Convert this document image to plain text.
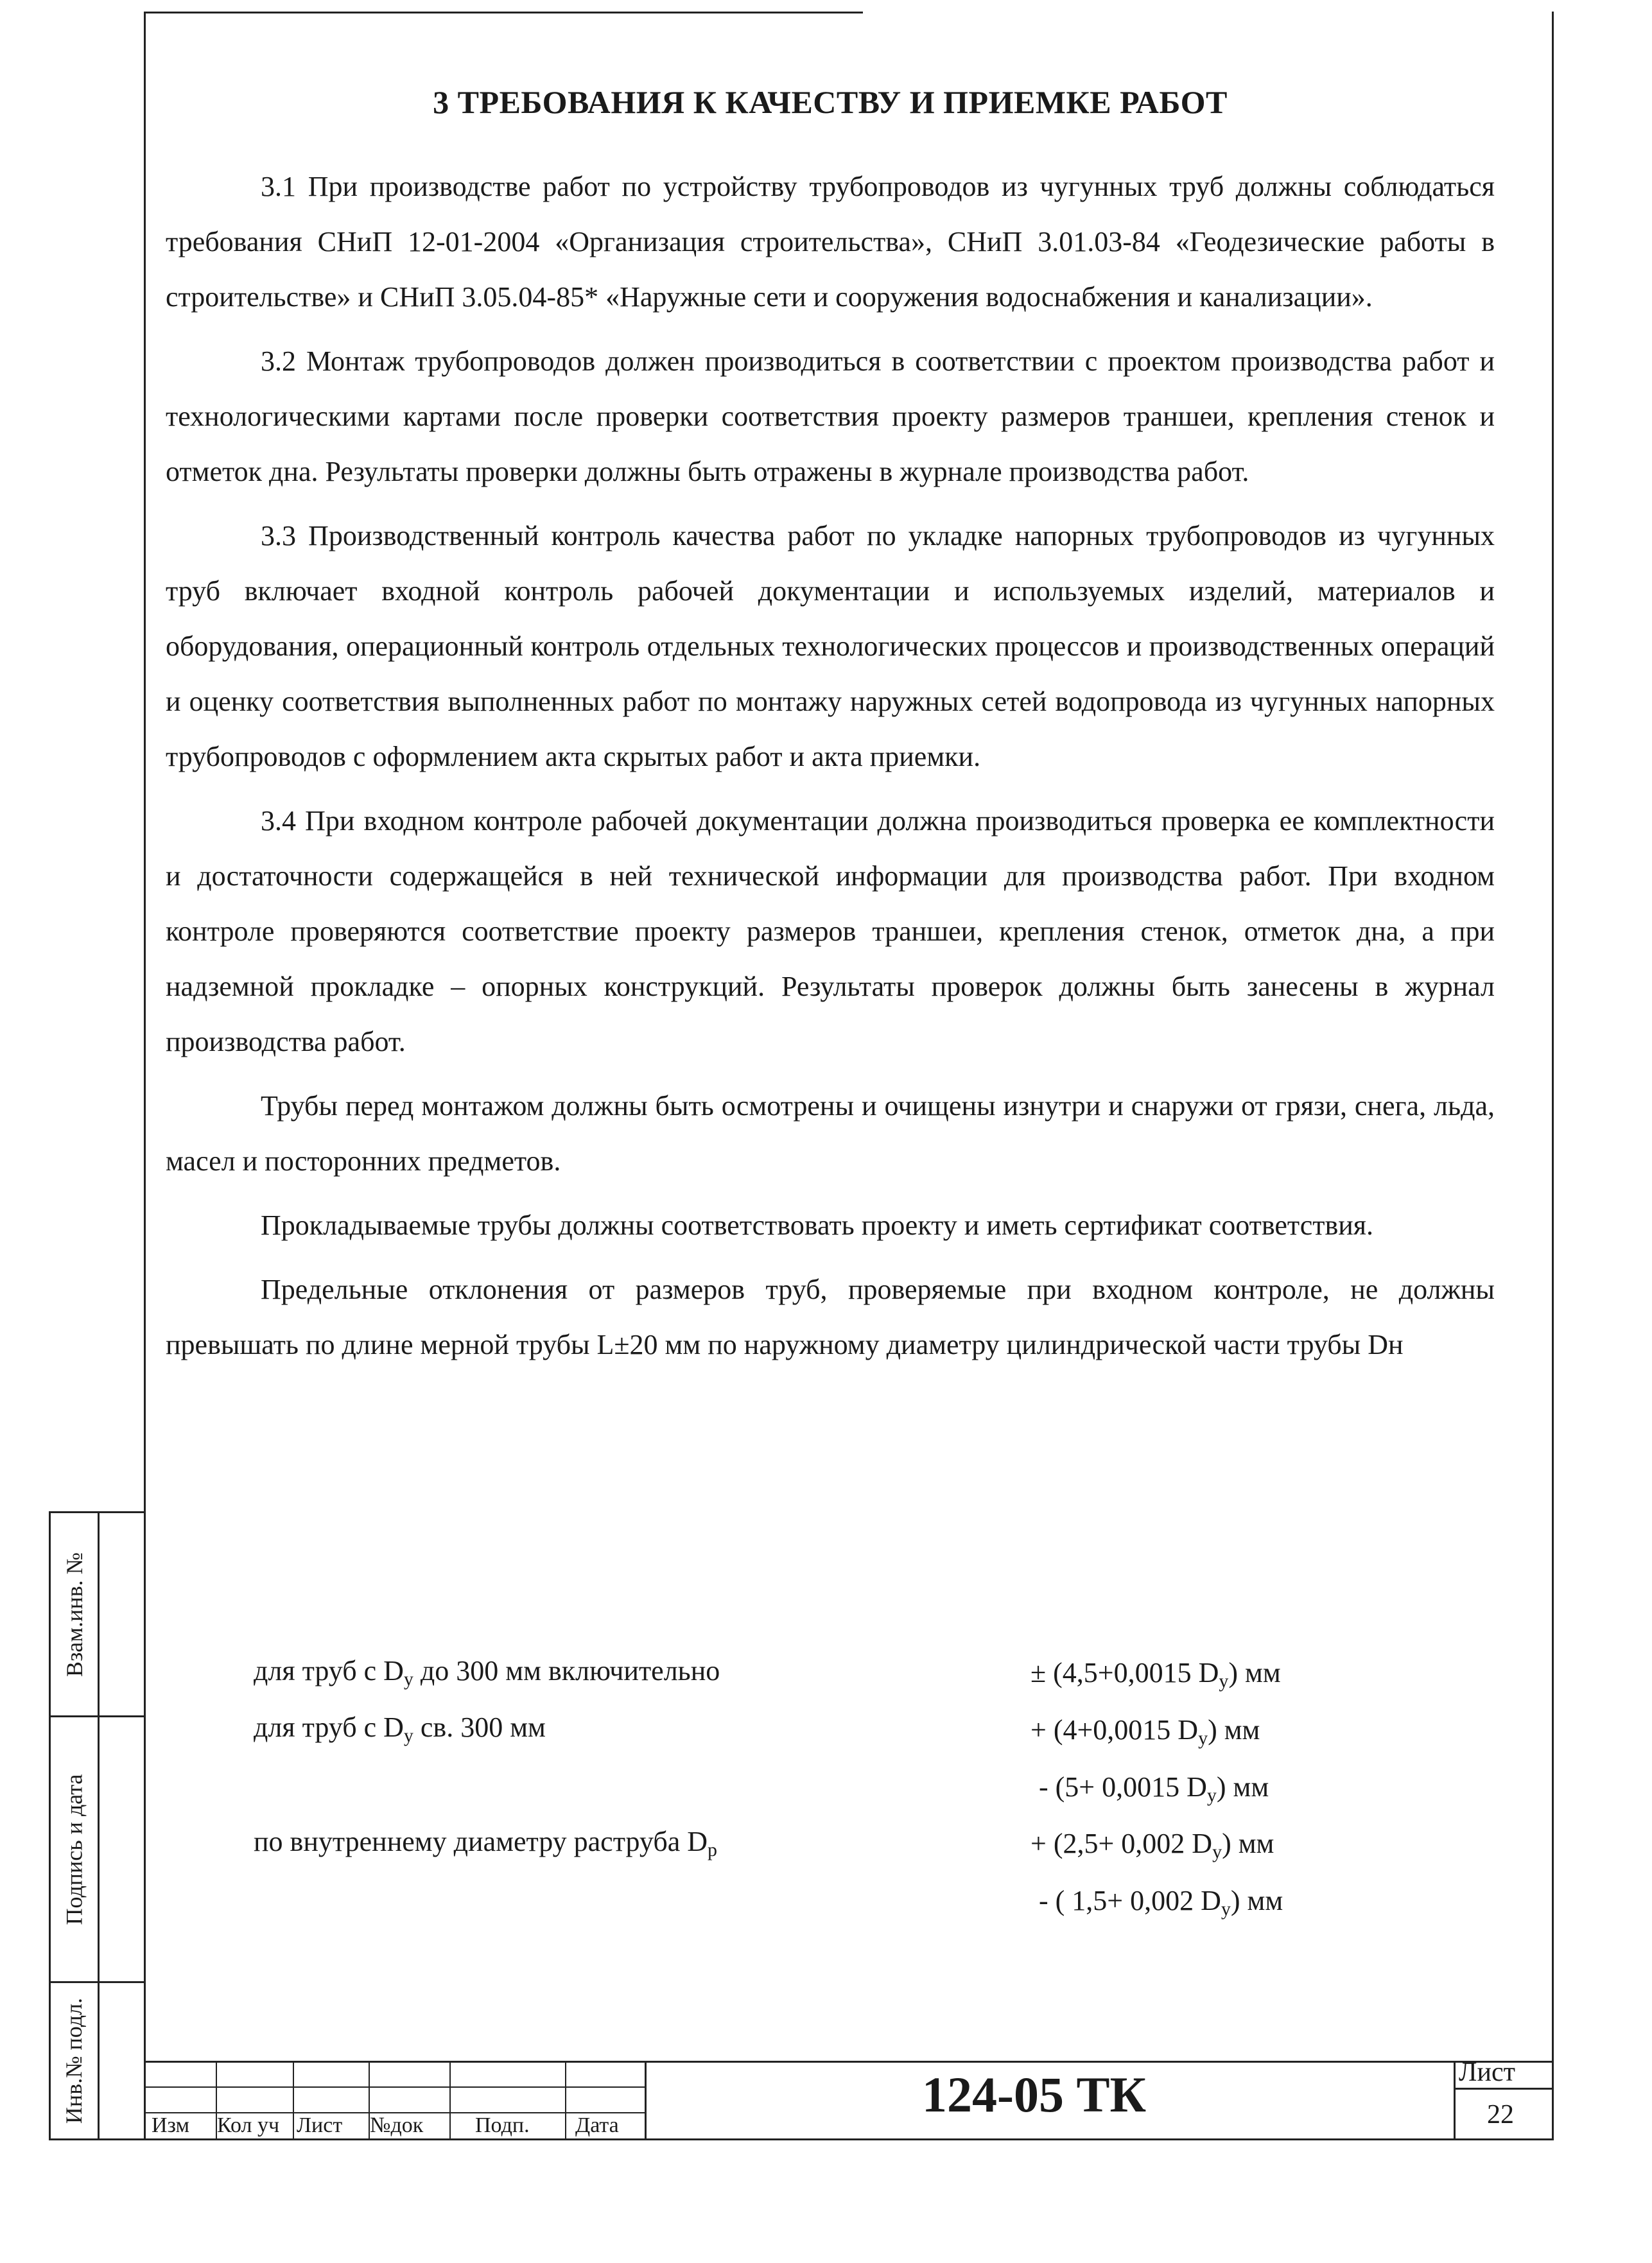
3 ТРЕБОВАНИЯ К КАЧЕСТВУ И ПРИЕМКЕ РАБОТ

3.1 При производстве работ по устройству трубопроводов из чугунных труб должны соблюдаться требования СНиП 12-01-2004 «Организация строительства», СНиП 3.01.03-84 «Геодезические работы в строительстве» и СНиП 3.05.04-85* «Наружные сети и сооружения водоснабжения и канализации».

3.2 Монтаж трубопроводов должен производиться в соответствии с проектом производства работ и технологическими картами после проверки соответствия проекту размеров траншеи, крепления стенок и отметок дна. Результаты проверки должны быть отражены в журнале производства работ.

3.3 Производственный контроль качества работ по укладке напорных трубопроводов из чугунных труб включает входной контроль рабочей документации и используемых изделий, материалов и оборудования, операционный контроль отдельных технологических процессов и производственных операций и оценку соответствия выполненных работ по монтажу наружных сетей водопровода из чугунных напорных трубопроводов с оформлением акта скрытых работ и акта приемки.

3.4 При входном контроле рабочей документации должна производиться проверка ее комплектности и достаточности содержащейся в ней технической информации для производства работ. При входном контроле проверяются соответствие проекту размеров траншеи, крепления стенок, отметок дна, а при надземной прокладке – опорных конструкций. Результаты проверок должны быть занесены в журнал производства работ.

Трубы перед монтажом должны быть осмотрены и очищены изнутри и снаружи от грязи, снега, льда, масел и посторонних предметов.

Прокладываемые трубы должны соответствовать проекту и иметь сертификат соответствия.

Предельные отклонения от размеров труб, проверяемые при входном контроле, не должны превышать по длине мерной трубы L±20 мм по наружному диаметру цилиндрической части трубы Dн

для труб с $D_у$ до 300 мм включительно	± (4,5+0,0015 $D_у$) мм
для труб с $D_у$ св. 300 мм	+ (4+0,0015 $D_у$) мм
- (5+ 0,0015 $D_у$) мм
по внутреннему диаметру раструба $D_р$	+ (2,5+ 0,002 $D_у$) мм
- ( 1,5+ 0,002 $D_у$) мм
Взам.инв. №
Подпись и дата
Инв.№ подл.
Изм Кол уч Лист №док Подп. Дата
124-05 ТК	Лист
22
